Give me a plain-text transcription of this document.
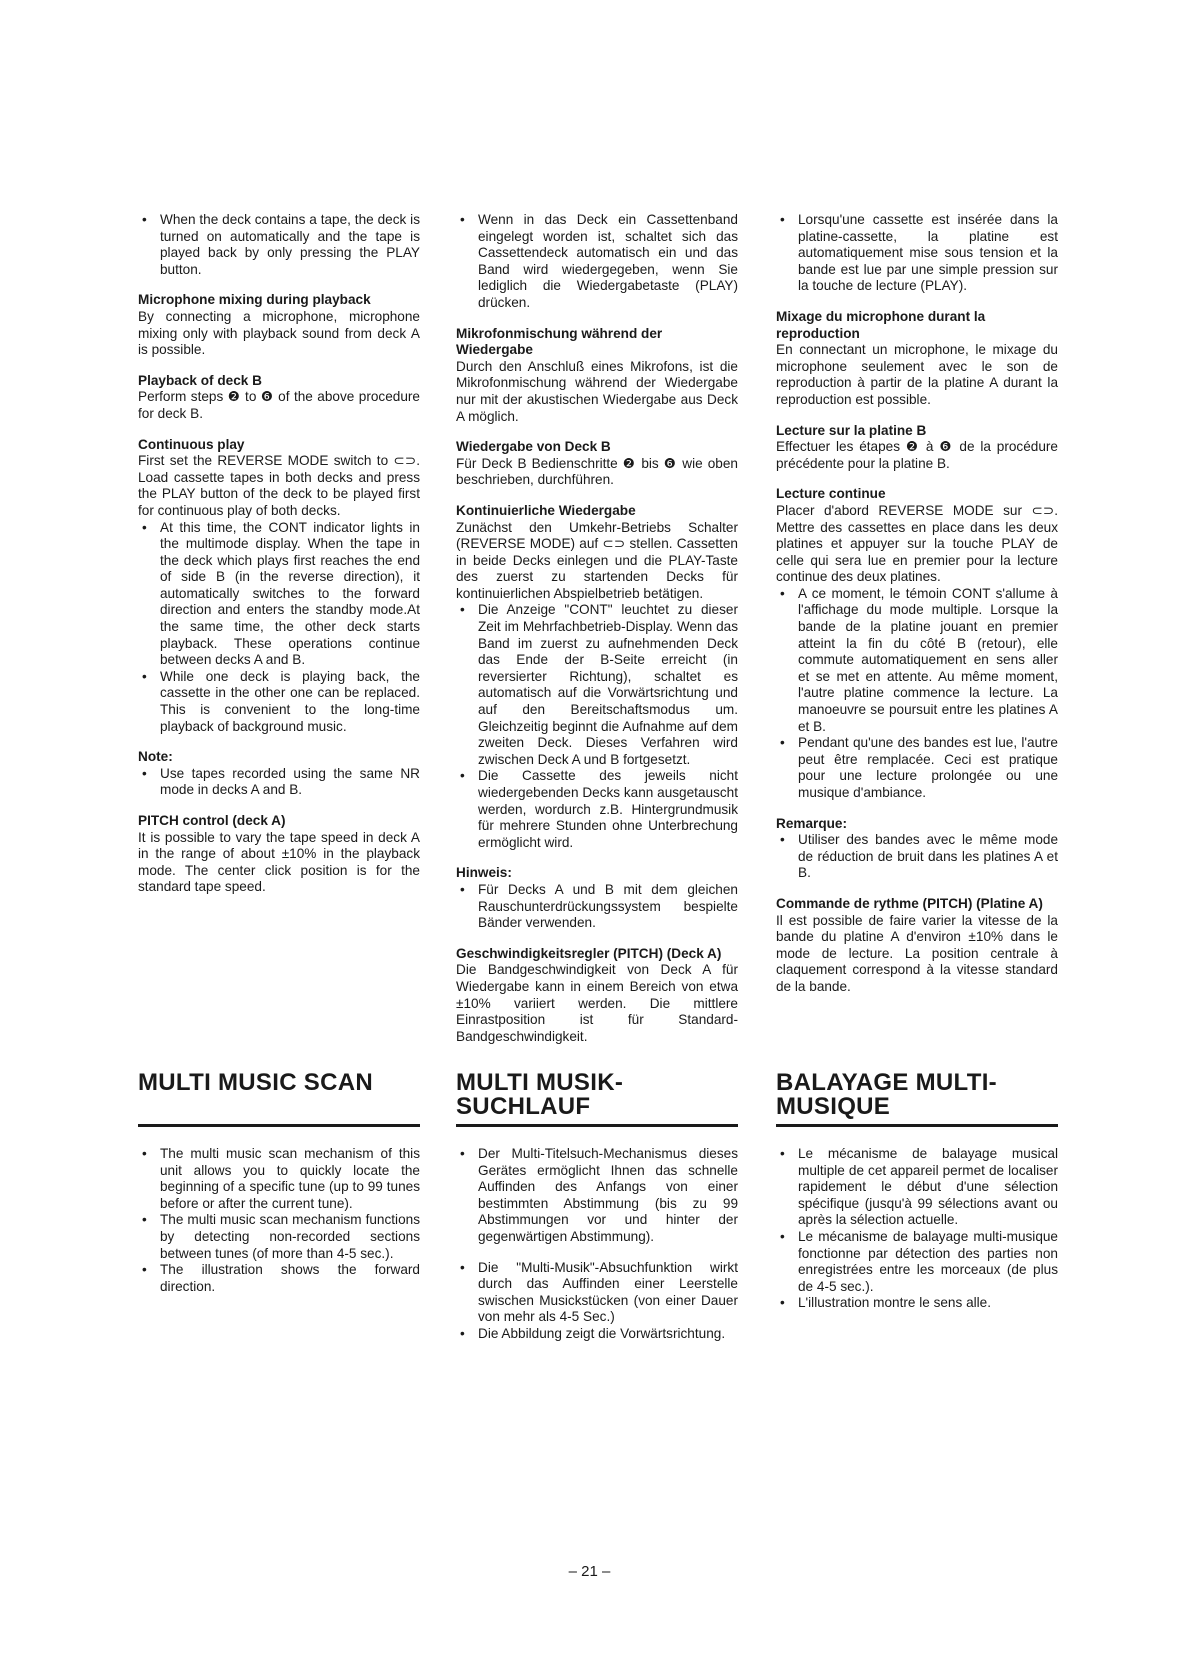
• When the deck contains a tape, the deck is turned on automatically and the tape is played back by only pressing the PLAY button.

Microphone mixing during playback

By connecting a microphone, microphone mixing only with playback sound from deck A is possible.

Playback of deck B

Perform steps ❷ to ❻ of the above procedure for deck B.

Continuous play

First set the REVERSE MODE switch to ⊂⊃. Load cassette tapes in both decks and press the PLAY button of the deck to be played first for continuous play of both decks.

• At this time, the CONT indicator lights in the multimode display. When the tape in the deck which plays first reaches the end of side B (in the reverse direction), it automatically switches to the forward direction and enters the standby mode.At the same time, the other deck starts playback. These operations continue between decks A and B.
• While one deck is playing back, the cassette in the other one can be replaced. This is convenient to the long-time playback of background music.

Note:

• Use tapes recorded using the same NR mode in decks A and B.

PITCH control (deck A)

It is possible to vary the tape speed in deck A in the range of about ±10% in the playback mode. The center click position is for the standard tape speed.

• Wenn in das Deck ein Cassettenband eingelegt worden ist, schaltet sich das Cassettendeck automatisch ein und das Band wird wiedergegeben, wenn Sie lediglich die Wiedergabetaste (PLAY) drücken.

Mikrofonmischung während der Wiedergabe

Durch den Anschluß eines Mikrofons, ist die Mikrofonmischung während der Wiedergabe nur mit der akustischen Wiedergabe aus Deck A möglich.

Wiedergabe von Deck B

Für Deck B Bedienschritte ❷ bis ❻ wie oben beschrieben, durchführen.

Kontinuierliche Wiedergabe

Zunächst den Umkehr-Betriebs Schalter (REVERSE MODE) auf ⊂⊃ stellen. Cassetten in beide Decks einlegen und die PLAY-Taste des zuerst zu startenden Decks für kontinuierlichen Abspielbetrieb betätigen.

• Die Anzeige "CONT" leuchtet zu dieser Zeit im Mehrfachbetrieb-Display. Wenn das Band im zuerst zu aufnehmenden Deck das Ende der B-Seite erreicht (in reversierter Richtung), schaltet es automatisch auf die Vorwärtsrichtung und auf den Bereitschaftsmodus um. Gleichzeitig beginnt die Aufnahme auf dem zweiten Deck. Dieses Verfahren wird zwischen Deck A und B fortgesetzt.
• Die Cassette des jeweils nicht wiedergebenden Decks kann ausgetauscht werden, wordurch z.B. Hintergrundmusik für mehrere Stunden ohne Unterbrechung ermöglicht wird.

Hinweis:

• Für Decks A und B mit dem gleichen Rauschunterdrückungssystem bespielte Bänder verwenden.

Geschwindigkeitsregler (PITCH) (Deck A)

Die Bandgeschwindigkeit von Deck A für Wiedergabe kann in einem Bereich von etwa ±10% variiert werden. Die mittlere Einrastposition ist für Standard-Bandgeschwindigkeit.

• Lorsqu'une cassette est insérée dans la platine-cassette, la platine est automatiquement mise sous tension et la bande est lue par une simple pression sur la touche de lecture (PLAY).

Mixage du microphone durant la reproduction

En connectant un microphone, le mixage du microphone seulement avec le son de reproduction à partir de la platine A durant la reproduction est possible.

Lecture sur la platine B

Effectuer les étapes ❷ à ❻ de la procédure précédente pour la platine B.

Lecture continue

Placer d'abord REVERSE MODE sur ⊂⊃. Mettre des cassettes en place dans les deux platines et appuyer sur la touche PLAY de celle qui sera lue en premier pour la lecture continue des deux platines.

• A ce moment, le témoin CONT s'allume à l'affichage du mode multiple. Lorsque la bande de la platine jouant en premier atteint la fin du côté B (retour), elle commute automatiquement en sens aller et se met en attente. Au même moment, l'autre platine commence la lecture. La manoeuvre se poursuit entre les platines A et B.
• Pendant qu'une des bandes est lue, l'autre peut être remplacée. Ceci est pratique pour une lecture prolongée ou une musique d'ambiance.

Remarque:

• Utiliser des bandes avec le même mode de réduction de bruit dans les platines A et B.

Commande de rythme (PITCH) (Platine A)

Il est possible de faire varier la vitesse de la bande du platine A d'environ ±10% dans le mode de lecture. La position centrale à claquement correspond à la vitesse standard de la bande.

MULTI MUSIC SCAN	MULTI MUSIK-
SUCHLAUF
BALAYAGE MULTI-
MUSIQUE
• The multi music scan mechanism of this unit allows you to quickly locate the beginning of a specific tune (up to 99 tunes before or after the current tune).
• The multi music scan mechanism functions by detecting non-recorded sections between tunes (of more than 4-5 sec.).
• The illustration shows the forward direction.
• Der Multi-Titelsuch-Mechanismus dieses Gerätes ermöglicht Ihnen das schnelle Auffinden des Anfangs von einer bestimmten Abstimmung (bis zu 99 Abstimmungen vor und hinter der gegenwärtigen Abstimmung).
• Die "Multi-Musik"-Absuchfunktion wirkt durch das Auffinden einer Leerstelle swischen Musickstücken (von einer Dauer von mehr als 4-5 Sec.)
• Die Abbildung zeigt die Vorwärtsrichtung.
• Le mécanisme de balayage musical multiple de cet appareil permet de localiser rapidement le début d'une sélection spécifique (jusqu'à 99 sélections avant ou après la sélection actuelle.
• Le mécanisme de balayage multi-musique fonctionne par détection des parties non enregistrées entre les morceaux (de plus de 4-5 sec.).
• L'illustration montre le sens alle.
– 21 –
